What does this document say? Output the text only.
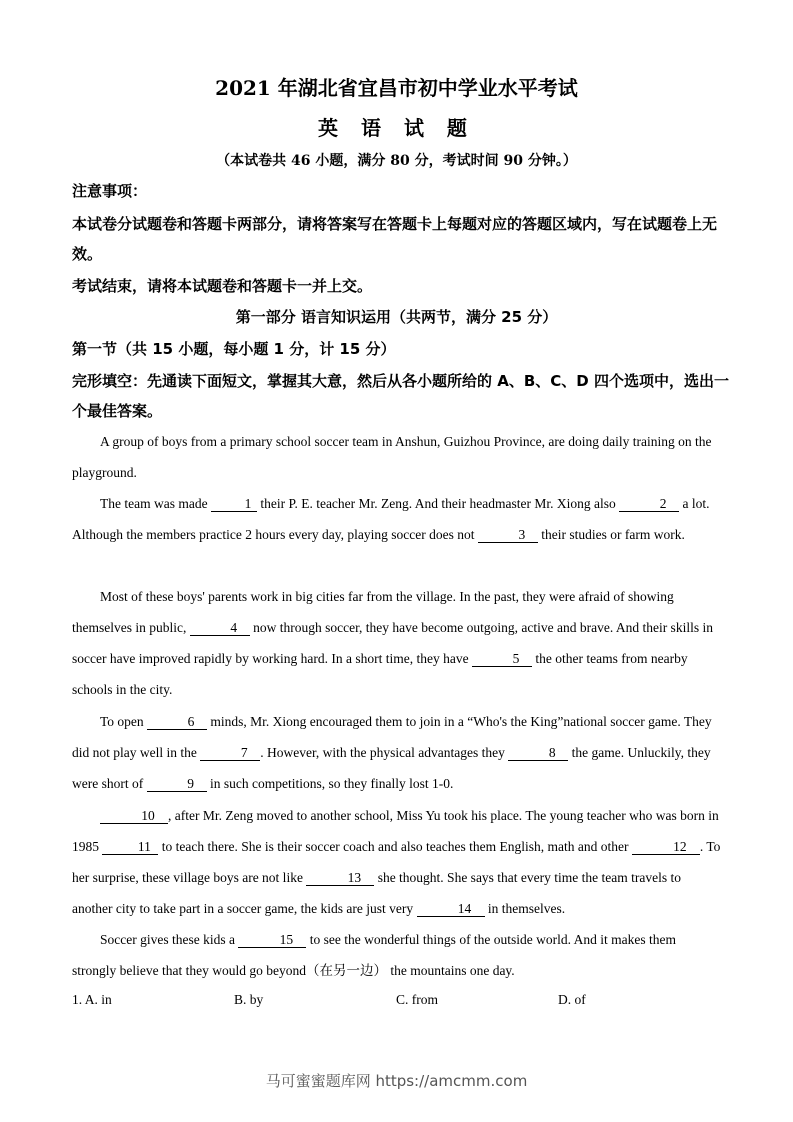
2021 年湖北省宜昌市初中学业水平考试
英 语 试 题
（本试卷共 46 小题，满分 80 分，考试时间 90 分钟。）
注意事项：
本试卷分试题卷和答题卡两部分，请将答案写在答题卡上每题对应的答题区域内，写在试题卷上无效。
考试结束，请将本试题卷和答题卡一并上交。
第一部分 语言知识运用（共两节，满分 25 分）
第一节（共 15 小题，每小题 1 分，计 15 分）
完形填空：先通读下面短文，掌握其大意，然后从各小题所给的 A、B、C、D 四个选项中，选出一个最佳答案。
A group of boys from a primary school soccer team in Anshun, Guizhou Province, are doing daily training on the playground.
The team was made 1 their P. E. teacher Mr. Zeng. And their headmaster Mr. Xiong also	2 a lot. Although the members practice 2 hours every day, playing soccer does not	3 their studies or farm work.
Most of these boys' parents work in big cities far from the village. In the past, they were afraid of showing themselves in public,	4 now through soccer, they have become outgoing, active and brave. And their skills in soccer have improved rapidly by working hard. In a short time, they have	5 the other teams from nearby schools in the city.
To open	6 minds, Mr. Xiong encouraged them to join in a “Who's the King”national soccer game. They did not play well in the	7 . However, with the physical advantages they	8 the game. Unluckily, they were short of	9 in such competitions, so they finally lost 1-0.
10 , after Mr. Zeng moved to another school, Miss Yu took his place. The young teacher who was born in 1985	11 to teach there. She is their soccer coach and also teaches them English, math and other	12 . To her surprise, these village boys are not like	13 she thought. She says that every time the team travels to another city to take part in a soccer game, the kids are just very	14 in themselves.
Soccer gives these kids a	15 to see the wonderful things of the outside world. And it makes them strongly believe that they would go beyond（在另一边） the mountains one day.
1. A. in	B. by	C. from	D. of
马可蜜蜜题库网 https://amcmm.com
